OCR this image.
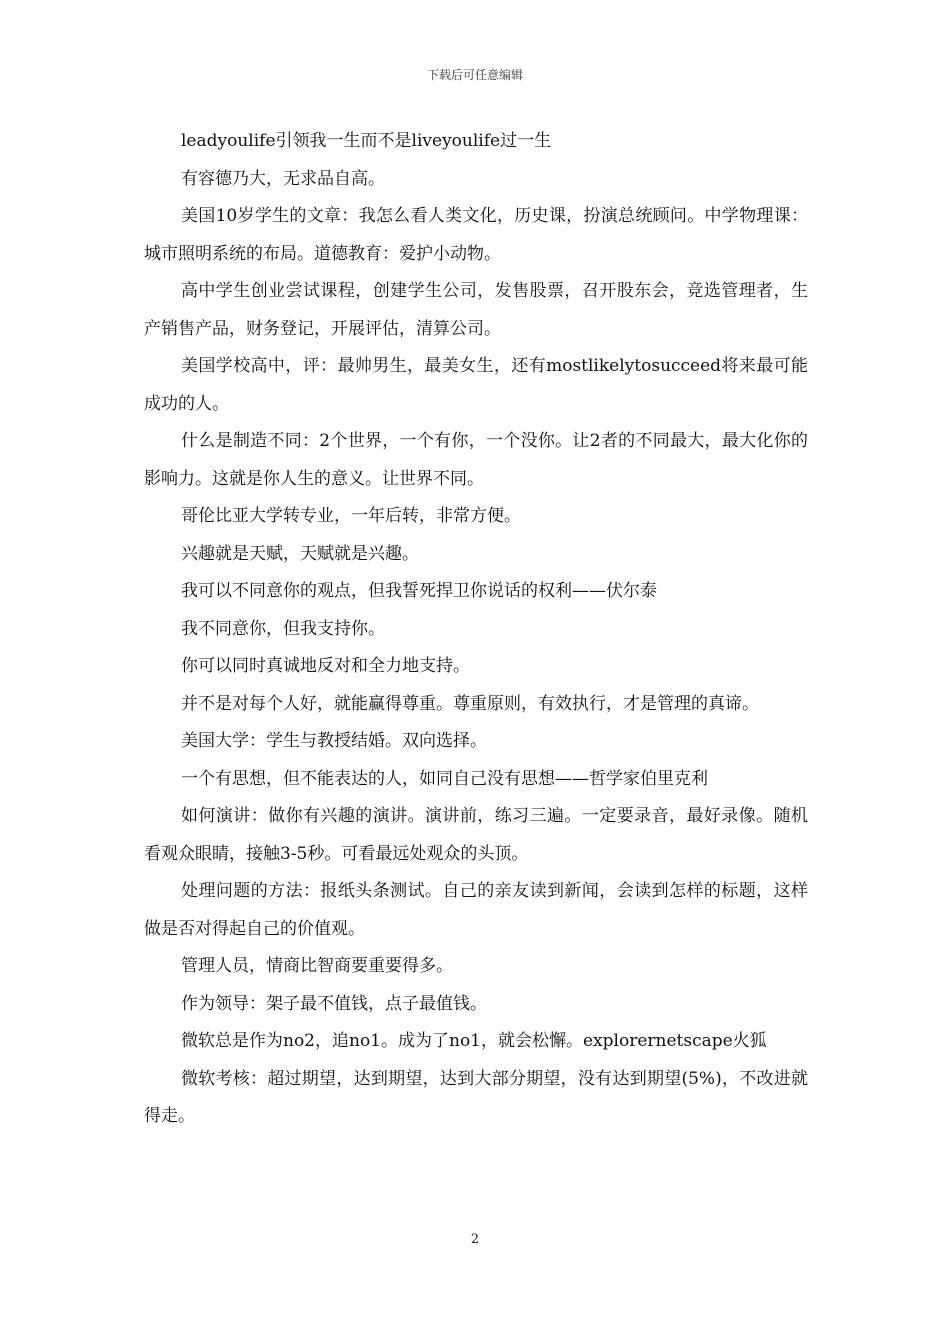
下载后可任意编辑

leadyoulife引领我一生而不是liveyoulife过一生

有容德乃大，无求品自高。

美国10岁学生的文章：我怎么看人类文化，历史课，扮演总统顾问。中学物理课：城市照明系统的布局。道德教育：爱护小动物。

高中学生创业尝试课程，创建学生公司，发售股票，召开股东会，竞选管理者，生产销售产品，财务登记，开展评估，清算公司。

美国学校高中，评：最帅男生，最美女生，还有mostlikelytosucceed将来最可能成功的人。

什么是制造不同：2个世界，一个有你，一个没你。让2者的不同最大，最大化你的影响力。这就是你人生的意义。让世界不同。

哥伦比亚大学转专业，一年后转，非常方便。

兴趣就是天赋，天赋就是兴趣。

我可以不同意你的观点，但我誓死捍卫你说话的权利——伏尔泰

我不同意你，但我支持你。

你可以同时真诚地反对和全力地支持。

并不是对每个人好，就能赢得尊重。尊重原则，有效执行，才是管理的真谛。

美国大学：学生与教授结婚。双向选择。

一个有思想，但不能表达的人，如同自己没有思想——哲学家伯里克利

如何演讲：做你有兴趣的演讲。演讲前，练习三遍。一定要录音，最好录像。随机看观众眼睛，接触3-5秒。可看最远处观众的头顶。

处理问题的方法：报纸头条测试。自己的亲友读到新闻，会读到怎样的标题，这样做是否对得起自己的价值观。

管理人员，情商比智商要重要得多。

作为领导：架子最不值钱，点子最值钱。

微软总是作为no2，追no1。成为了no1，就会松懈。explorernetscape火狐

微软考核：超过期望，达到期望，达到大部分期望，没有达到期望(5%)，不改进就得走。

2
